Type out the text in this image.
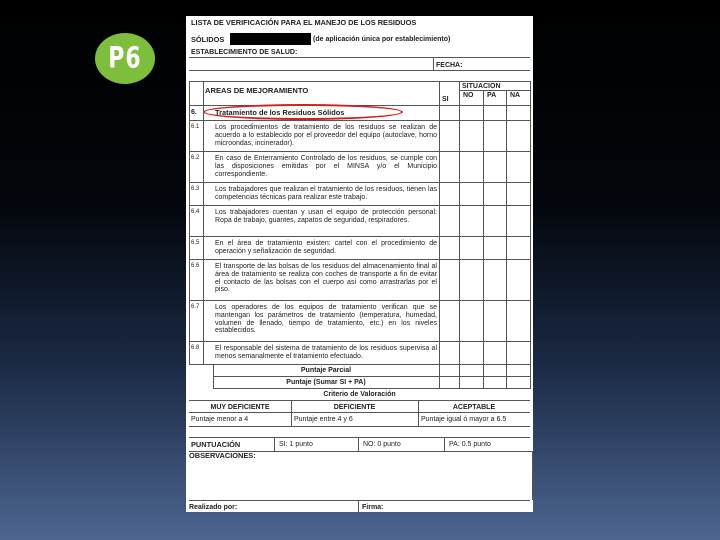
P6
LISTA DE VERIFICACIÓN PARA EL MANEJO DE LOS RESIDUOS
SÓLIDOS	(de aplicación única por establecimiento)
ESTABLECIMIENTO DE SALUD:
FECHA:
AREAS DE MEJORAMIENTO	SITUACION
SI
NO PA NA
6. Tratamiento de los Residuos Sólidos
6.1 Los procedimientos de tratamiento de los residuos se realizan de acuerdo a lo establecido por el proveedor del equipo (autoclave, horno microondas, incinerador).
6.2 En caso de Enterramiento Controlado de los residuos, se cumple con las disposiciones emitidas por el MINSA y/o el Municipio correspondiente.
6.3 Los trabajadores que realizan el tratamiento de los residuos, tienen las competencias técnicas para realizar este trabajo.
6.4 Los trabajadores cuentan y usan el equipo de protección personal: Ropa de trabajo, guantes, zapatos de seguridad, respiradores.
6.5 En el área de tratamiento existen: cartel con el procedimiento de operación y señalización de seguridad.
6.6 El transporte de las bolsas de los residuos del almacenamiento final al área de tratamiento se realiza con coches de transporte a fin de evitar el contacto de las bolsas con el cuerpo así como arrastrarlas por el piso.
6.7 Los operadores de los equipos de tratamiento verifican que se mantengan los parámetros de tratamiento (temperatura, humedad, volumen de llenado, tiempo de tratamiento, etc.) en los niveles establecidos.
6.8 El responsable del sistema de tratamiento de los residuos supervisa al menos semanalmente el tratamiento efectuado.
Puntaje Parcial
Puntaje (Sumar SI + PA)
Criterio de Valoración
MUY DEFICIENTE	DEFICIENTE	ACEPTABLE
Puntaje menor a 4	Puntaje entre 4 y 6	Puntaje igual ó mayor a 6.5
PUNTUACIÓN	SI: 1 punto	NO: 0 punto	PA: 0.5 punto
OBSERVACIONES:
Realizado por:	Firma:
